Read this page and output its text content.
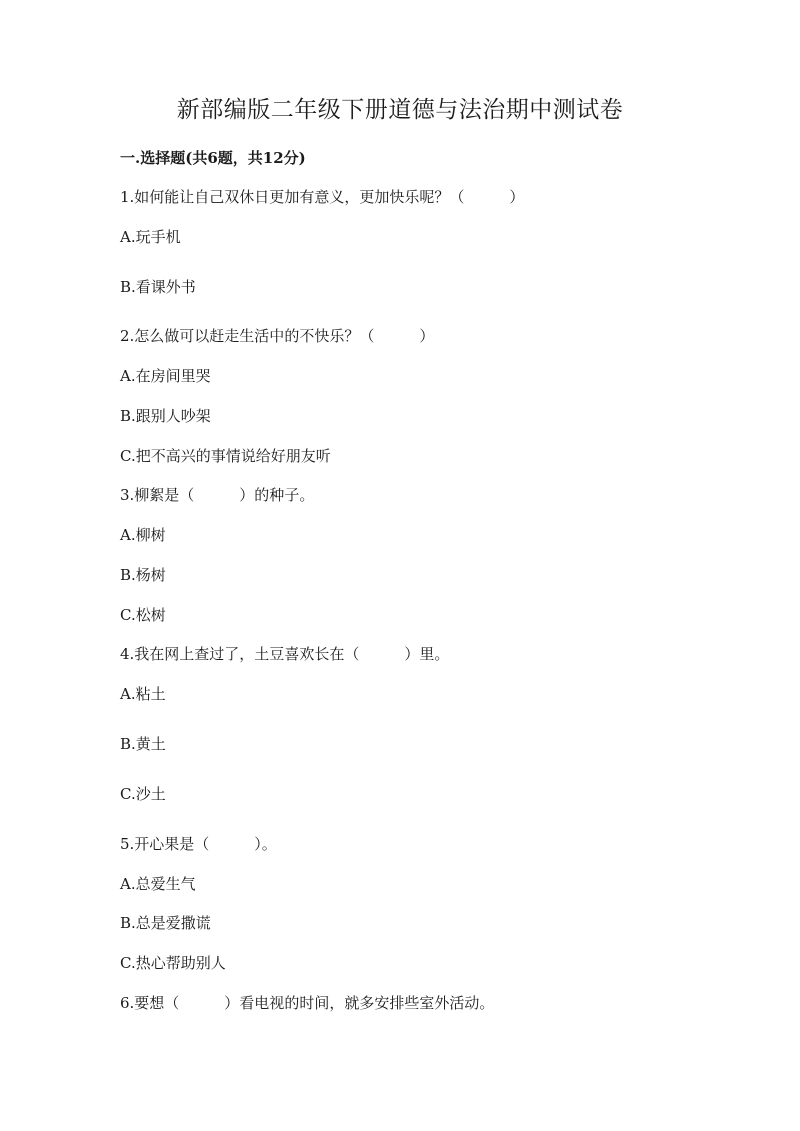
新部编版二年级下册道德与法治期中测试卷
一.选择题(共6题，共12分)

1.如何能让自己双休日更加有意义，更加快乐呢？（　　　）

A.玩手机

B.看课外书

2.怎么做可以赶走生活中的不快乐？（　　　）

A.在房间里哭

B.跟别人吵架

C.把不高兴的事情说给好朋友听

3.柳絮是（　　　）的种子。

A.柳树

B.杨树

C.松树

4.我在网上查过了，土豆喜欢长在（　　　）里。

A.粘土

B.黄土

C.沙土

5.开心果是（　　　）。

A.总爱生气

B.总是爱撒谎

C.热心帮助别人

6.要想（　　　）看电视的时间，就多安排些室外活动。
